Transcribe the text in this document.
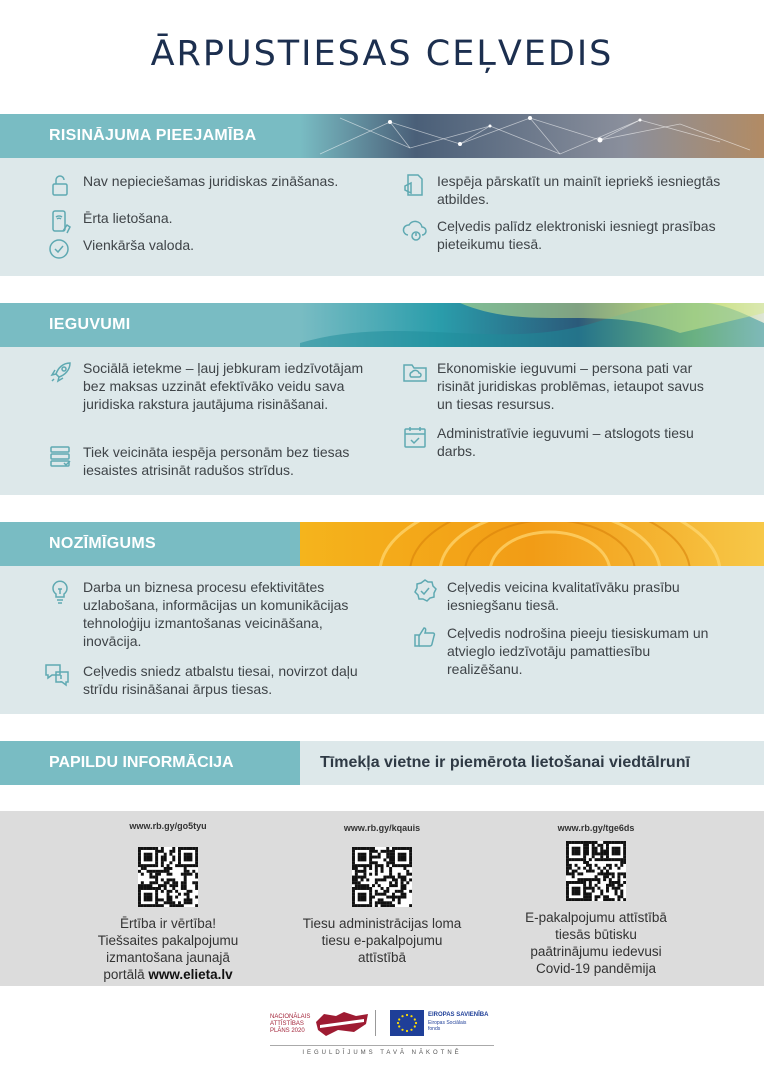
ĀRPUSTIESAS CEĻVEDIS
RISINĀJUMA PIEEJAMĪBA
Nav nepieciešamas juridiskas zināšanas.
Ērta lietošana.
Vienkārša valoda.
Iespēja pārskatīt un mainīt iepriekš iesniegtās atbildes.
Ceļvedis palīdz elektroniski iesniegt prasības pieteikumu tiesā.
IEGUVUMI
Sociālā ietekme – ļauj jebkuram iedzīvotājam bez maksas uzzināt efektīvāko veidu sava juridiska rakstura jautājuma risināšanai.
Tiek veicināta iespēja personām bez tiesas iesaistes atrisināt radušos strīdus.
Ekonomiskie ieguvumi – persona pati var risināt juridiskas problēmas, ietaupot savus un tiesas resursus.
Administratīvie ieguvumi – atslogots tiesu darbs.
NOZĪMĪGUMS
Darba un biznesa procesu efektivitātes uzlabošana, informācijas un komunikācijas tehnoloģiju izmantošanas veicināšana, inovācija.
Ceļvedis sniedz atbalstu tiesai, novirzot daļu strīdu risināšanai ārpus tiesas.
Ceļvedis veicina kvalitatīvāku prasību iesniegšanu tiesā.
Ceļvedis nodrošina pieeju tiesiskumam un atvieglo iedzīvotāju pamattiesību realizēšanu.
PAPILDU INFORMĀCIJA	Tīmekļa vietne ir piemērota lietošanai viedtālrunī
www.rb.gy/go5tyu
Ērtība ir vērtība!
Tiešsaites pakalpojumu
izmantošana jaunajā
portālā www.elieta.lv
www.rb.gy/kqauis
Tiesu administrācijas loma
tiesu e-pakalpojumu
attīstībā
www.rb.gy/tge6ds
E-pakalpojumu attīstībā
tiesās būtisku
paātrinājumu iedevusi
Covid-19 pandēmija
NACIONĀLAIS
ATTĪSTĪBAS
PLĀNS 2020
EIROPAS SAVIENĪBA
Eiropas Sociālais
fonds
IEGULDĪJUMS TAVĀ NĀKOTNĒ
